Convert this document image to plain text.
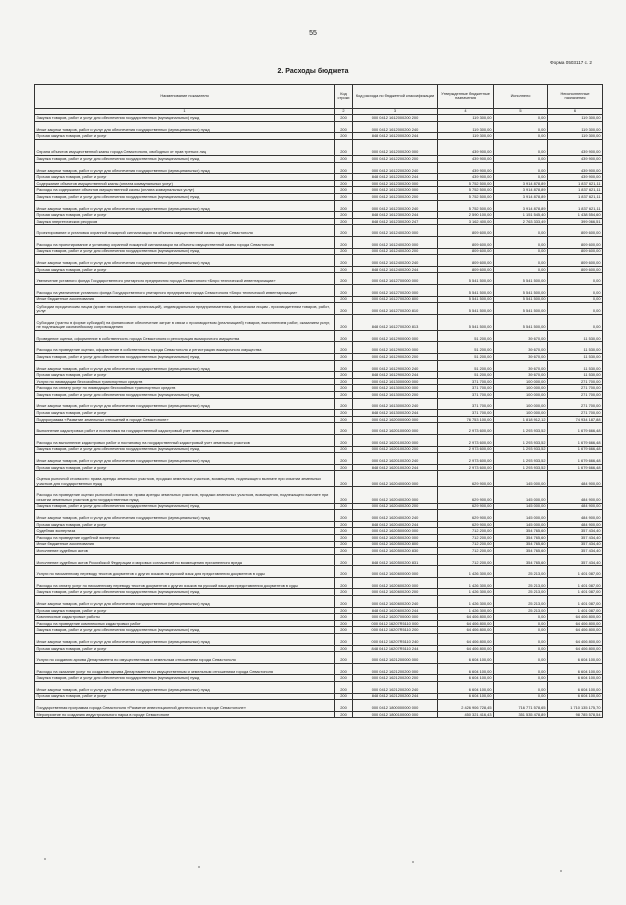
55
Форма 0503117 с. 2
2. Расходы бюджета
Наименование показателя	Код строки	Код расхода по бюджетной классификации	Утвержденные бюджетные назначения	Исполнено	Неисполненные назначения
1	2	3	4	5	6
Закупка товаров, работ и услуг для обеспечения государственных (муниципальных) нужд	200	000 0412 1612000200 200	119 300,00	0,00	119 300,00
Иные закупки товаров, работ и услуг для обеспечения государственных (муниципальных) нужд	200	000 0412 1612000200 240	119 300,00	0,00	119 300,00
Прочая закупка товаров, работ и услуг	200	848 0412 1612000200 244	119 300,00	0,00	119 300,00
Охрана объектов имущественной казны города Севастополя, свободных от прав третьих лиц	200	000 0412 1612000200 000	439 900,00	0,00	439 900,00
Закупка товаров, работ и услуг для обеспечения государственных (муниципальных) нужд	200	000 0412 1612200200 200	439 900,00	0,00	439 900,00
Иные закупки товаров, работ и услуг для обеспечения государственных (муниципальных) нужд	200	000 0412 1612200200 240	439 900,00	0,00	439 900,00
Прочая закупка товаров, работ и услуг	200	848 0412 1612200200 244	439 900,00	0,00	439 900,00
Содержание объектов имущественной казны (оплата коммунальных услуг)	200	000 0412 1612300200 000	5 752 500,00	3 914 878,89	1 837 621,11
Расходы на содержание объектов имущественной казны (оплата коммунальных услуг)	200	000 0412 1612300200 000	5 752 500,00	3 914 878,89	1 837 621,11
Закупка товаров, работ и услуг для обеспечения государственных (муниципальных) нужд	200	000 0412 1612300200 200	5 752 500,00	3 914 878,89	1 837 621,11
Иные закупки товаров, работ и услуг для обеспечения государственных (муниципальных) нужд	200	000 0412 1612300200 240	5 752 500,00	3 914 878,89	1 837 621,11
Прочая закупка товаров, работ и услуг	200	848 0412 1612300200 244	2 590 100,00	1 151 545,40	1 438 554,60
Закупка энергетических ресурсов	200	848 0412 1612300200 247	3 162 400,00	2 763 333,49	399 066,51
Проектирование и установка охранной пожарной сигнализации на объекты имущественной казны города Севастополя	200	000 0412 1612400200 000	809 600,00	0,00	809 600,00
Расходы на проектирование и установку охранной пожарной сигнализации на объекты имущественной казны города Севастополя	200	000 0412 1612400200 000	809 600,00	0,00	809 600,00
Закупка товаров, работ и услуг для обеспечения государственных (муниципальных) нужд	200	000 0412 1612400200 200	809 600,00	0,00	809 600,00
Иные закупки товаров, работ и услуг для обеспечения государственных (муниципальных) нужд	200	000 0412 1612400200 240	809 600,00	0,00	809 600,00
Прочая закупка товаров, работ и услуг	200	848 0412 1612400200 244	809 600,00	0,00	809 600,00
Увеличение уставного фонда Государственного унитарного предприятия города Севастополя «Бюро технической инвентаризации»	200	000 0412 1612700000 000	5 541 500,00	5 541 500,00	0,00
Расходы на увеличение уставного фонда Государственного унитарного предприятия города Севастополя «Бюро технической инвентаризации»	200	000 0412 1612700200 000	5 541 500,00	5 541 500,00	0,00
Иные бюджетные ассигнования	200	000 0412 1612700200 800	5 541 500,00	5 541 500,00	0,00
Субсидии юридическим лицам (кроме некоммерческих организаций), индивидуальным предпринимателям, физическим лицам - производителям товаров, работ, услуг	200	000 0412 1612700200 810	5 541 500,00	5 541 500,00	0,00
Субсидии (гранты в форме субсидий) на финансовое обеспечение затрат в связи с производством (реализацией) товаров, выполнением работ, оказанием услуг, не подлежащие казначейскому сопровождению	200	848 0412 1612700200 813	5 541 500,00	5 541 500,00	0,00
Проведение оценки, оформление в собственность города Севастополя и регистрация выморочного имущества	200	000 0412 1612900000 000	51 200,00	39 670,00	11 530,00
Расходы на проведение оценки, оформление в собственность города Севастополя и регистрацию выморочного имущества	200	000 0412 1612900200 000	51 200,00	39 670,00	11 530,00
Закупка товаров, работ и услуг для обеспечения государственных (муниципальных) нужд	200	000 0412 1612900200 200	51 200,00	39 670,00	11 530,00
Иные закупки товаров, работ и услуг для обеспечения государственных (муниципальных) нужд	200	000 0412 1612900200 240	51 200,00	39 670,00	11 530,00
Прочая закупка товаров, работ и услуг	200	848 0412 1612900200 244	51 200,00	39 670,00	11 530,00
Услуги по ликвидации бесхозяйных транспортных средств	200	000 0412 1613000000 000	371 700,00	100 000,00	271 700,00
Расходы на оплату услуг по ликвидации бесхозяйных транспортных средств	200	000 0412 1613000200 000	371 700,00	100 000,00	271 700,00
Закупка товаров, работ и услуг для обеспечения государственных (муниципальных) нужд	200	000 0412 1613000200 200	371 700,00	100 000,00	271 700,00
Иные закупки товаров, работ и услуг для обеспечения государственных (муниципальных) нужд	200	000 0412 1613000200 240	371 700,00	100 000,00	271 700,00
Прочая закупка товаров, работ и услуг	200	848 0412 1613000200 244	371 700,00	100 000,00	271 700,00
Подпрограмма «Развитие земельных отношений в городе Севастополе»	200	000 0412 1620000000 000	76 753 100,00	1 818 912,12	74 934 187,88
Выполнение кадастровых работ и постановка на государственный кадастровый учет земельных участков	200	000 0412 1620100000 000	2 973 600,00	1 293 933,52	1 679 666,48
Расходы на выполнение кадастровых работ и постановку на государственный кадастровый учет земельных участков	200	000 0412 1620100200 000	2 973 600,00	1 293 933,52	1 679 666,48
Закупка товаров, работ и услуг для обеспечения государственных (муниципальных) нужд	200	000 0412 1620100200 200	2 973 600,00	1 293 933,52	1 679 666,48
Иные закупки товаров, работ и услуг для обеспечения государственных (муниципальных) нужд	200	000 0412 1620100200 240	2 973 600,00	1 293 933,52	1 679 666,48
Прочая закупка товаров, работ и услуг	200	848 0412 1620100200 244	2 973 600,00	1 293 933,52	1 679 666,48
Оценка рыночной стоимости: права аренды земельных участков, продажи земельных участков, возмещения, подлежащего выплате при изъятии земельных участков для государственных нужд	200	000 0412 1620400000 000	629 900,00	145 000,00	484 900,00
Расходы на проведение оценки рыночной стоимости: права аренды земельных участков, продажи земельных участков, возмещения, подлежащего выплате при изъятии земельных участков для государственных нужд	200	000 0412 1620400200 000	629 900,00	145 000,00	484 900,00
Закупка товаров, работ и услуг для обеспечения государственных (муниципальных) нужд	200	000 0412 1620400200 200	629 900,00	145 000,00	484 900,00
Иные закупки товаров, работ и услуг для обеспечения государственных (муниципальных) нужд	200	000 0412 1620400200 240	629 900,00	145 000,00	484 900,00
Прочая закупка товаров, работ и услуг	200	848 0412 1620400200 244	629 900,00	145 000,00	484 900,00
Судебная экспертиза	200	000 0412 1620500000 000	712 200,00	354 765,60	357 434,40
Расходы на проведение судебной экспертизы	200	000 0412 1620500200 000	712 200,00	354 765,60	357 434,40
Иные бюджетные ассигнования	200	000 0412 1620500200 800	712 200,00	354 765,60	357 434,40
Исполнение судебных актов	200	000 0412 1620500200 830	712 200,00	354 765,60	357 434,40
Исполнение судебных актов Российской Федерации и мировых соглашений по возмещению причиненного вреда	200	848 0412 1620500200 831	712 200,00	354 765,60	357 434,40
Услуги по письменному переводу текстов документов с других языков на русский язык для представления документов в суды	200	000 0412 1620600000 000	1 426 300,00	25 213,00	1 401 087,00
Расходы на оплату услуг по письменному переводу текстов документов с других языков на русский язык для представления документов в суды	200	000 0412 1620600200 000	1 426 300,00	25 213,00	1 401 087,00
Закупка товаров, работ и услуг для обеспечения государственных (муниципальных) нужд	200	000 0412 1620600200 200	1 426 300,00	25 213,00	1 401 087,00
Иные закупки товаров, работ и услуг для обеспечения государственных (муниципальных) нужд	200	000 0412 1620600200 240	1 426 300,00	25 213,00	1 401 087,00
Прочая закупка товаров, работ и услуг	200	848 0412 1620600200 244	1 426 300,00	25 213,00	1 401 087,00
Комплексные кадастровые работы	200	000 0412 1620700000 000	64 406 800,00	0,00	64 406 800,00
Расходы на проведение комплексных кадастровых работ	200	000 0412 16207R5110 000	64 406 800,00	0,00	64 406 800,00
Закупка товаров, работ и услуг для обеспечения государственных (муниципальных) нужд	200	000 0412 16207R5110 200	64 406 800,00	0,00	64 406 800,00
Иные закупки товаров, работ и услуг для обеспечения государственных (муниципальных) нужд	200	000 0412 16207R5110 240	64 406 800,00	0,00	64 406 800,00
Прочая закупка товаров, работ и услуг	200	848 0412 16207R5110 244	64 406 800,00	0,00	64 406 800,00
Услуги по созданию архива Департамента по имущественным и земельным отношениям города Севастополя	200	000 0412 1621200000 000	6 604 100,00	0,00	6 604 100,00
Расходы на оказание услуг по созданию архива Департамента по имущественным и земельным отношениям города Севастополя	200	000 0412 1621200200 000	6 604 100,00	0,00	6 604 100,00
Закупка товаров, работ и услуг для обеспечения государственных (муниципальных) нужд	200	000 0412 1621200200 200	6 604 100,00	0,00	6 604 100,00
Иные закупки товаров, работ и услуг для обеспечения государственных (муниципальных) нужд	200	000 0412 1621200200 240	6 604 100,00	0,00	6 604 100,00
Прочая закупка товаров, работ и услуг	200	848 0412 1621200200 244	6 604 100,00	0,00	6 604 100,00
Государственная программа города Севастополя «Развитие инвестиционной деятельности в городе Севастополе»	200	000 0412 1800000000 000	2 426 906 728,45	716 771 578,65	1 710 135 175,70
Мероприятие по созданию индустриального парка в городе Севастополе	200	000 0412 1800100000 000	450 321 416,43	351 535 478,89	98 785 578,54
